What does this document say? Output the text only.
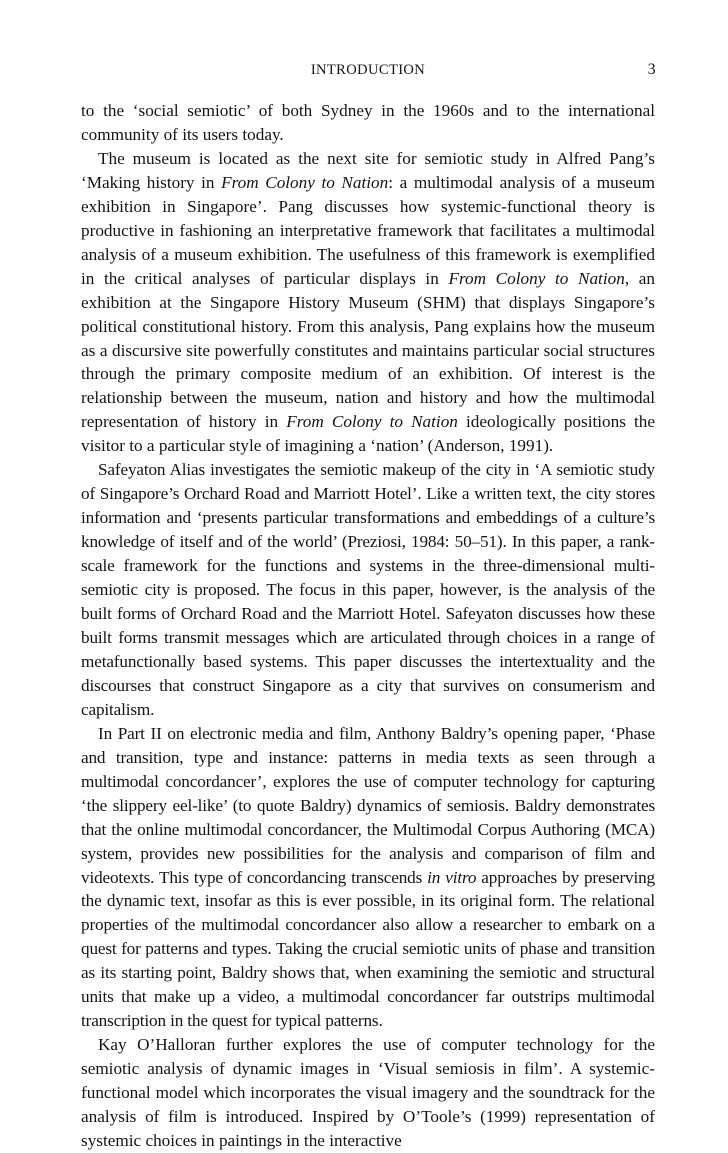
INTRODUCTION	3

to the ‘social semiotic’ of both Sydney in the 1960s and to the international community of its users today.

The museum is located as the next site for semiotic study in Alfred Pang’s ‘Making history in From Colony to Nation: a multimodal analysis of a museum exhibition in Singapore’. Pang discusses how systemic-functional theory is productive in fashioning an interpretative framework that facilitates a multimodal analysis of a museum exhibition. The usefulness of this framework is exemplified in the critical analyses of particular displays in From Colony to Nation, an exhibition at the Singapore History Museum (SHM) that displays Singapore’s political constitutional history. From this analysis, Pang explains how the museum as a discursive site powerfully constitutes and maintains particular social structures through the primary composite medium of an exhibition. Of interest is the relationship between the museum, nation and history and how the multimodal representation of history in From Colony to Nation ideologically positions the visitor to a particular style of imagining a ‘nation’ (Anderson, 1991).

Safeyaton Alias investigates the semiotic makeup of the city in ‘A semiotic study of Singapore’s Orchard Road and Marriott Hotel’. Like a written text, the city stores information and ‘presents particular transformations and embeddings of a culture’s knowledge of itself and of the world’ (Preziosi, 1984: 50–51). In this paper, a rank-scale framework for the functions and systems in the three-dimensional multi-semiotic city is proposed. The focus in this paper, however, is the analysis of the built forms of Orchard Road and the Marriott Hotel. Safeyaton discusses how these built forms transmit messages which are articulated through choices in a range of metafunctionally based systems. This paper discusses the intertextuality and the discourses that construct Singapore as a city that survives on consumerism and capitalism.

In Part II on electronic media and film, Anthony Baldry’s opening paper, ‘Phase and transition, type and instance: patterns in media texts as seen through a multimodal concordancer’, explores the use of computer technology for capturing ‘the slippery eel-like’ (to quote Baldry) dynamics of semiosis. Baldry demonstrates that the online multimodal concordancer, the Multimodal Corpus Authoring (MCA) system, provides new possibilities for the analysis and comparison of film and videotexts. This type of concordancing transcends in vitro approaches by preserving the dynamic text, insofar as this is ever possible, in its original form. The relational properties of the multimodal concordancer also allow a researcher to embark on a quest for patterns and types. Taking the crucial semiotic units of phase and transition as its starting point, Baldry shows that, when examining the semiotic and structural units that make up a video, a multimodal concordancer far outstrips multimodal transcription in the quest for typical patterns.

Kay O’Halloran further explores the use of computer technology for the semiotic analysis of dynamic images in ‘Visual semiosis in film’. A systemic-functional model which incorporates the visual imagery and the soundtrack for the analysis of film is introduced. Inspired by O’Toole’s (1999) representation of systemic choices in paintings in the interactive
